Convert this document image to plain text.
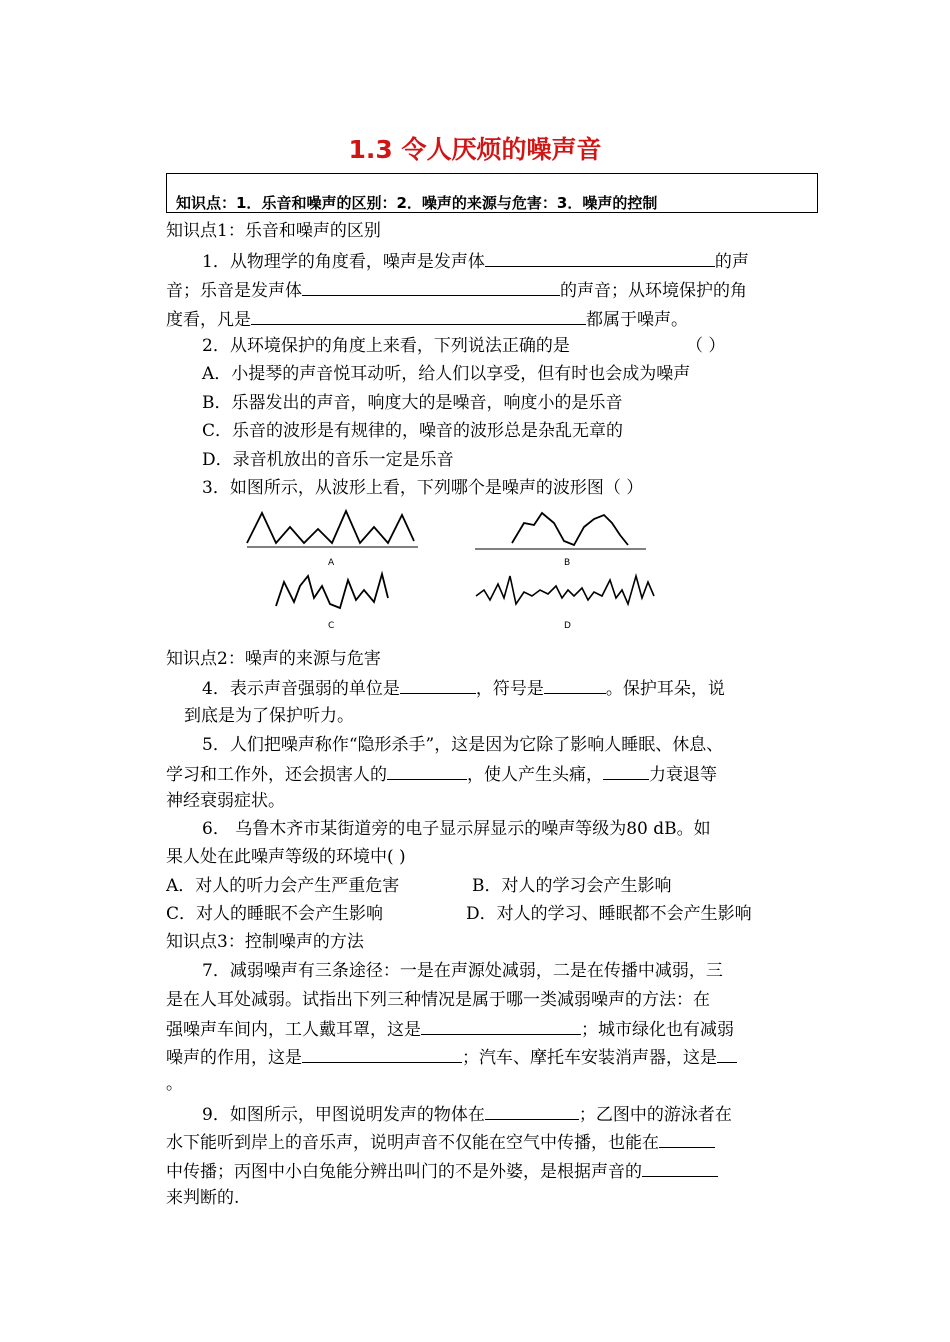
1.3 令人厌烦的噪声音
知识点：1．乐音和噪声的区别：2．噪声的来源与危害：3．噪声的控制
知识点1：乐音和噪声的区别
1．从物理学的角度看，噪声是发声体	的声
音；乐音是发声体	的声音；从环境保护的角
度看，凡是	都属于噪声。
2．从环境保护的角度上来看，下列说法正确的是	（ ）
A．小提琴的声音悦耳动听，给人们以享受，但有时也会成为噪声
B．乐器发出的声音，响度大的是噪音，响度小的是乐音
C．乐音的波形是有规律的，噪音的波形总是杂乱无章的
D．录音机放出的音乐一定是乐音
3．如图所示，从波形上看，下列哪个是噪声的波形图（ ）
A	B
C	D
知识点2：噪声的来源与危害
4．表示声音强弱的单位是	，符号是	。保护耳朵，说
到底是为了保护听力。
5．人们把噪声称作“隐形杀手”，这是因为它除了影响人睡眠、休息、
学习和工作外，还会损害人的	，使人产生头痛，	力衰退等
神经衰弱症状。
6． 乌鲁木齐市某街道旁的电子显示屏显示的噪声等级为80 dB。如
果人处在此噪声等级的环境中( )
A．对人的听力会产生严重危害	B．对人的学习会产生影响
C．对人的睡眠不会产生影响	D．对人的学习、睡眠都不会产生影响
知识点3：控制噪声的方法
7．减弱噪声有三条途径：一是在声源处减弱，二是在传播中减弱，三
是在人耳处减弱。试指出下列三种情况是属于哪一类减弱噪声的方法：在
强噪声车间内，工人戴耳罩，这是	；城市绿化也有减弱
噪声的作用，这是	；汽车、摩托车安装消声器，这是
。
9．如图所示，甲图说明发声的物体在	；乙图中的游泳者在
水下能听到岸上的音乐声，说明声音不仅能在空气中传播，也能在
中传播；丙图中小白兔能分辨出叫门的不是外婆，是根据声音的
来判断的.
